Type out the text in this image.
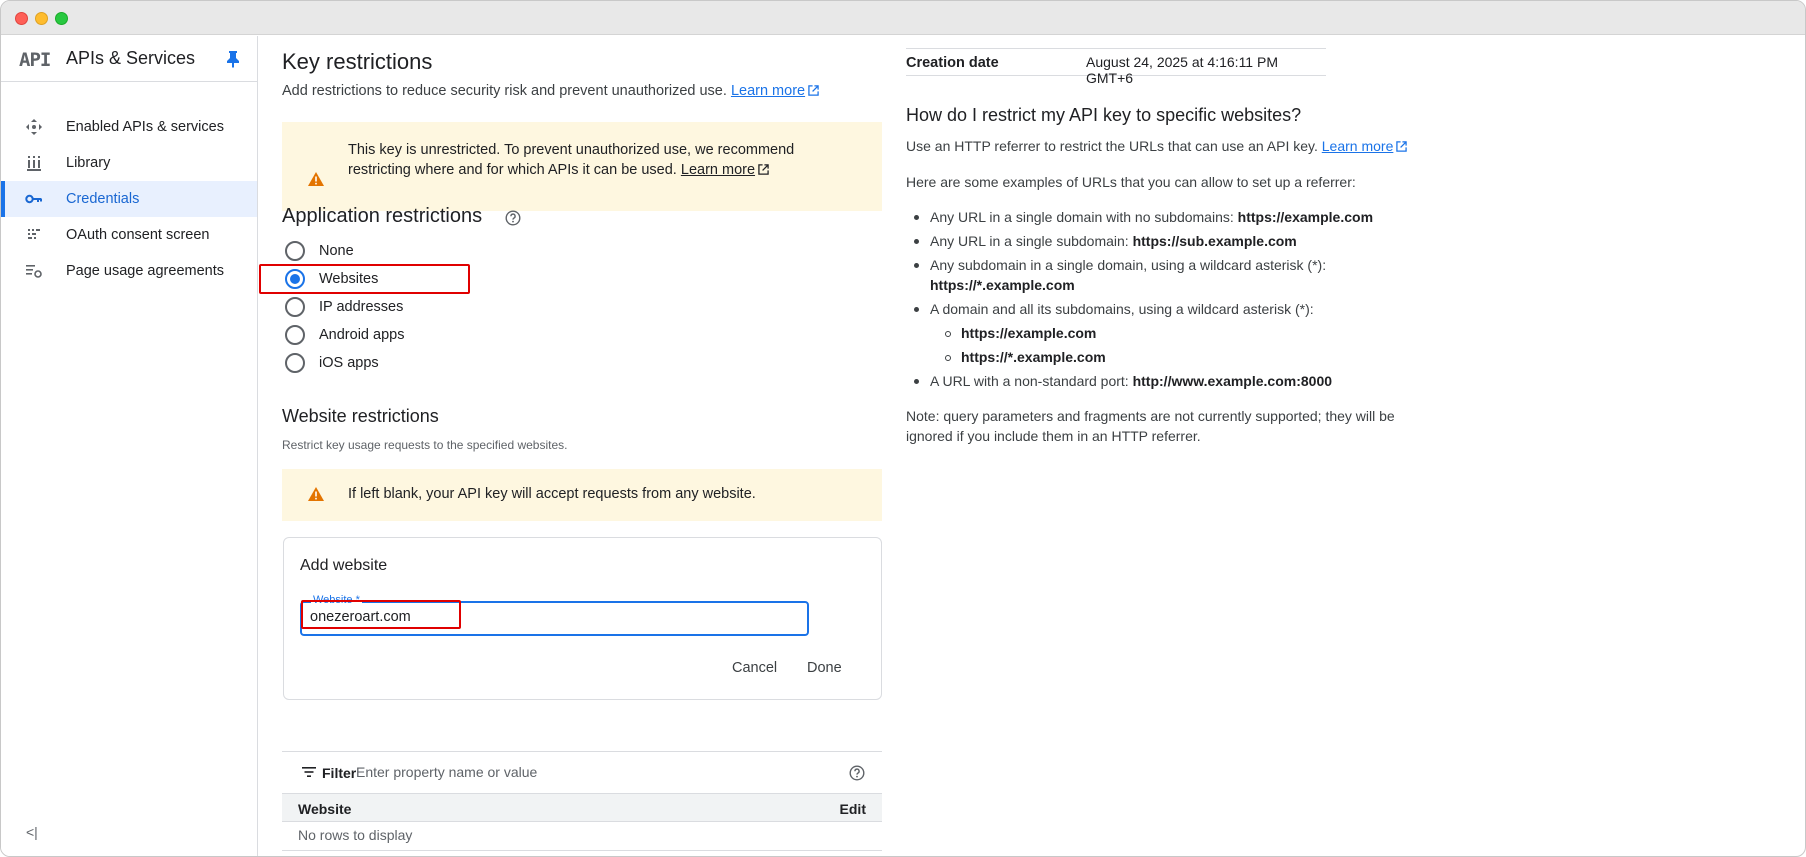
API APIs & Services
Enabled APIs & services
Library
Credentials
OAuth consent screen
Page usage agreements
<|
Key restrictions
Add restrictions to reduce security risk and prevent unauthorized use. Learn more
This key is unrestricted. To prevent unauthorized use, we recommend restricting where and for which APIs it can be used. Learn more
Application restrictions
None
Websites
IP addresses
Android apps
iOS apps
Website restrictions
Restrict key usage requests to the specified websites.
If left blank, your API key will accept requests from any website.
Add website
Website *
onezeroart.com
Cancel Done
Filter Enter property name or value
Website	Edit
No rows to display
Creation date	August 24, 2025 at 4:16:11 PM GMT+6
How do I restrict my API key to specific websites?
Use an HTTP referrer to restrict the URLs that can use an API key. Learn more
Here are some examples of URLs that you can allow to set up a referrer:
Any URL in a single domain with no subdomains: https://example.com
Any URL in a single subdomain: https://sub.example.com
Any subdomain in a single domain, using a wildcard asterisk (*):
https://*.example.com
A domain and all its subdomains, using a wildcard asterisk (*):
https://example.com
https://*.example.com
A URL with a non-standard port: http://www.example.com:8000
Note: query parameters and fragments are not currently supported; they will be
ignored if you include them in an HTTP referrer.
